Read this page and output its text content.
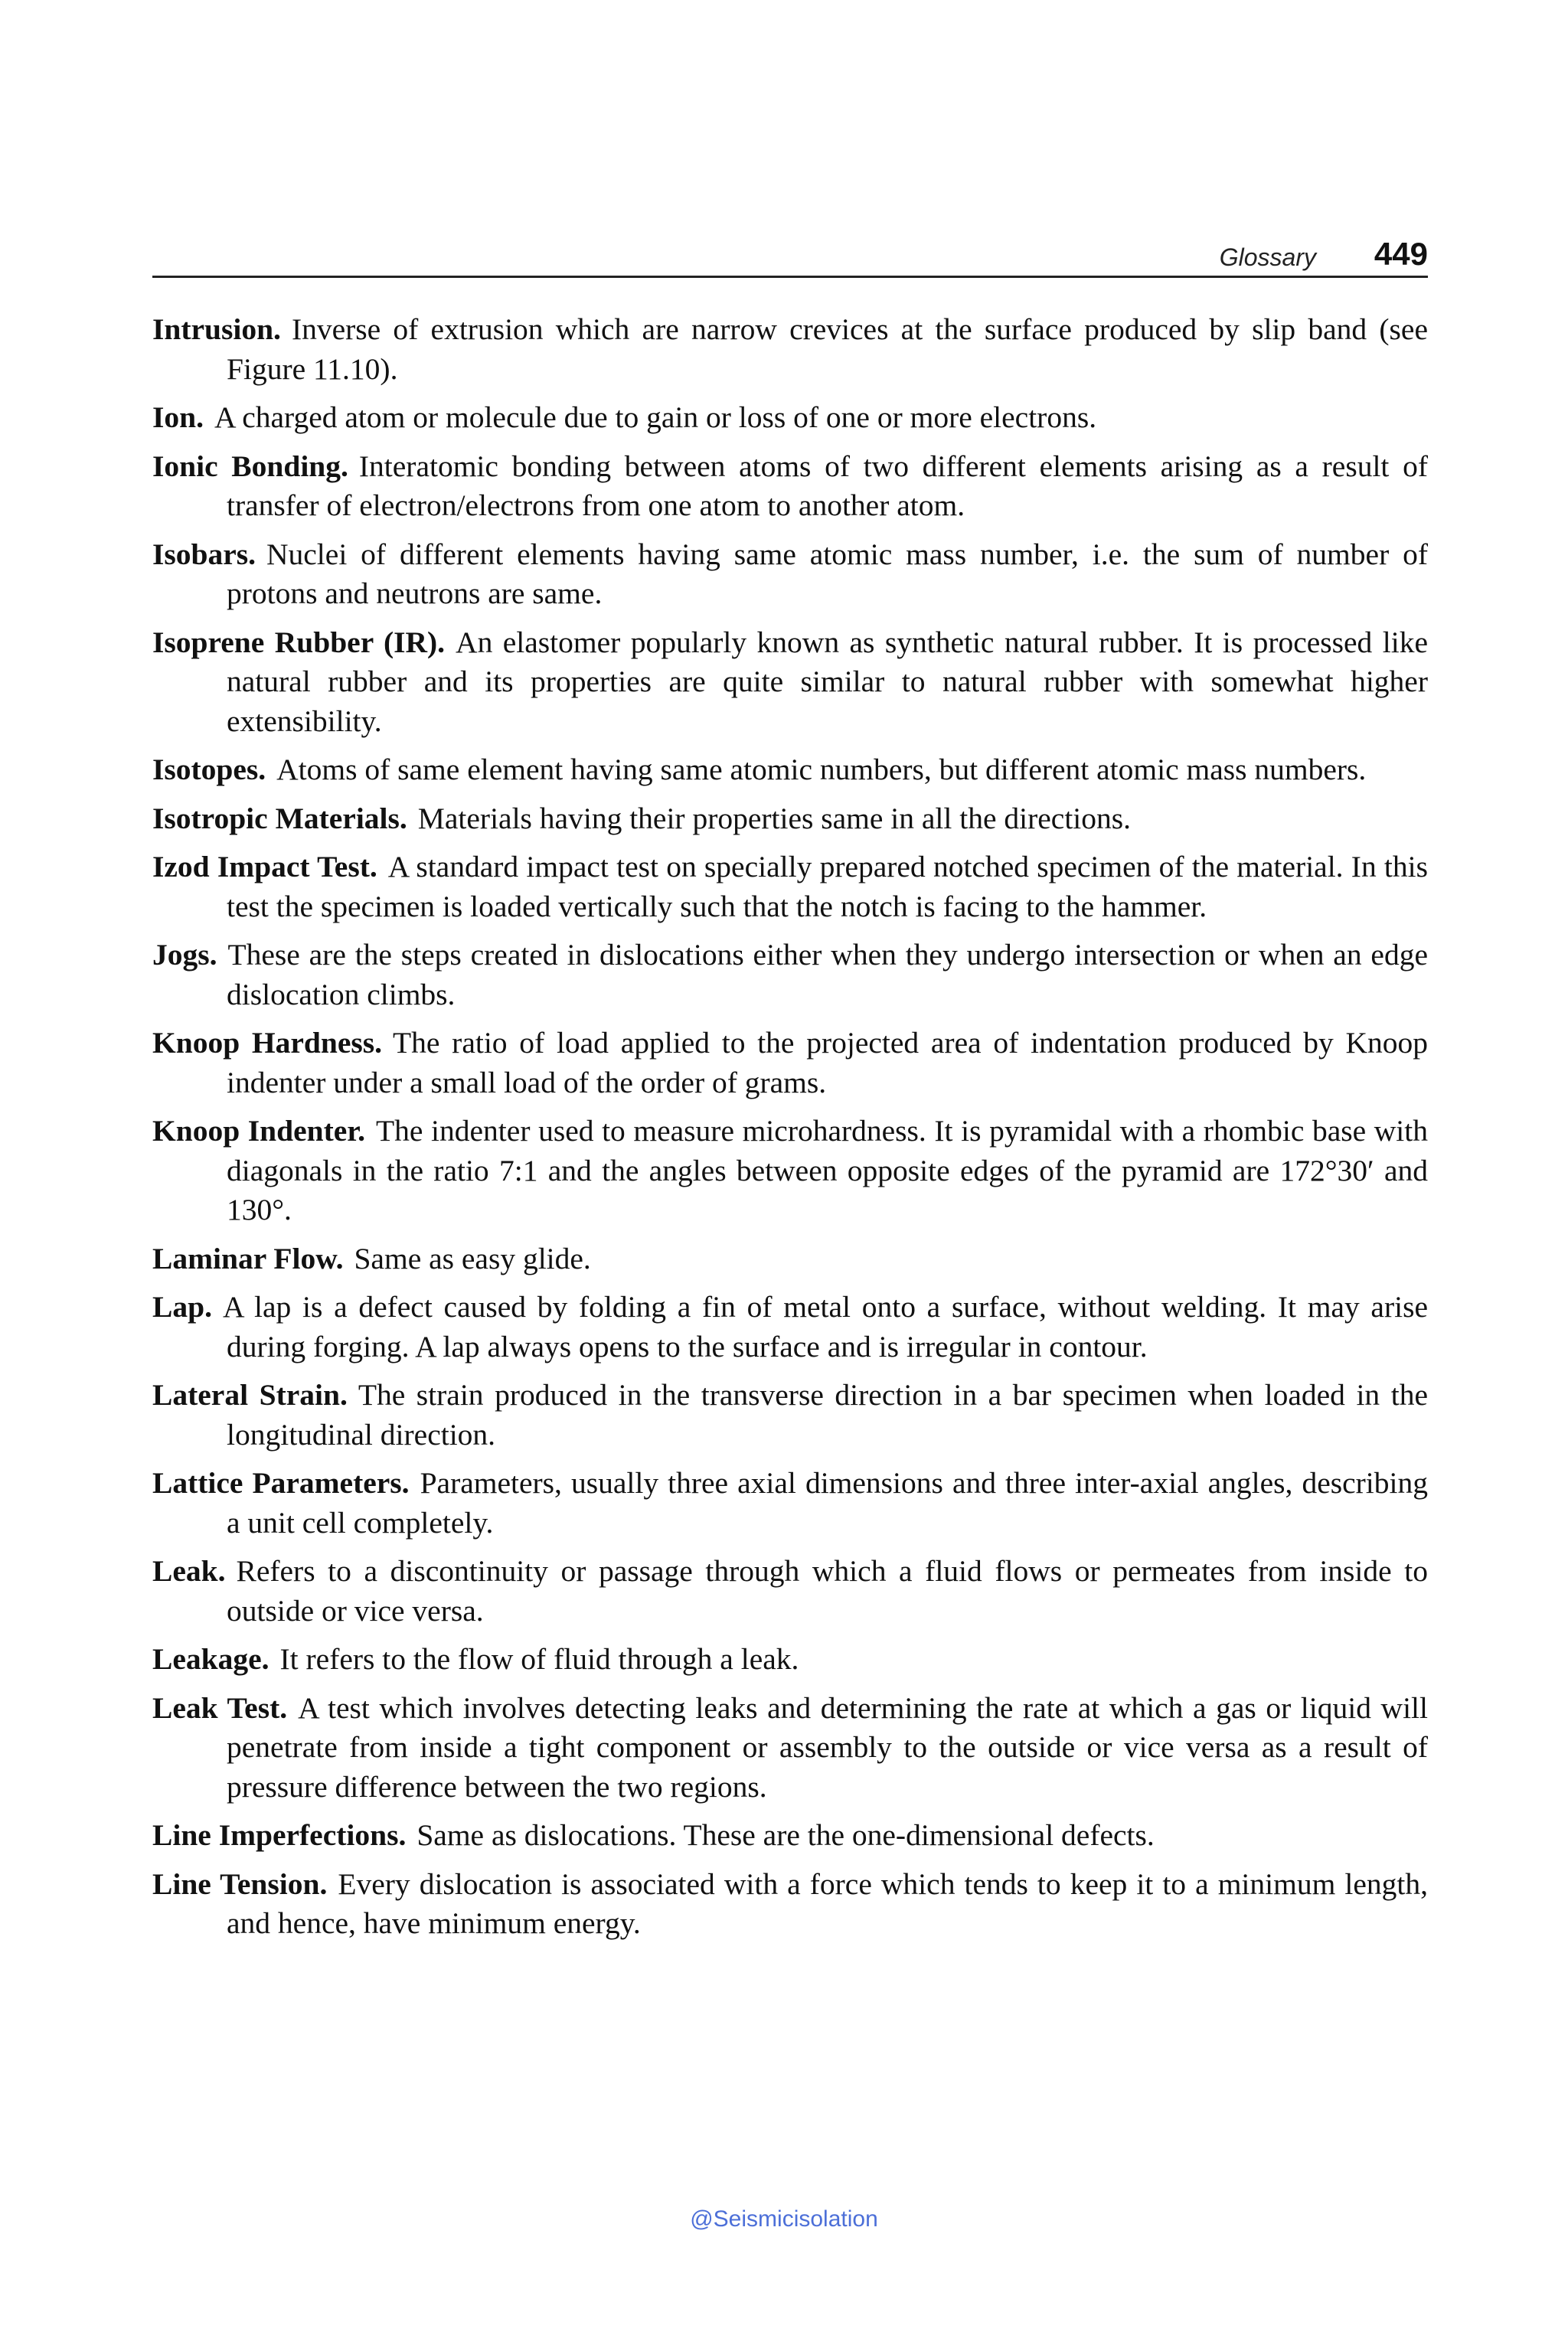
Glossary 449

Intrusion. Inverse of extrusion which are narrow crevices at the surface produced by slip band (see Figure 11.10).

Ion. A charged atom or molecule due to gain or loss of one or more electrons.

Ionic Bonding. Interatomic bonding between atoms of two different elements arising as a result of transfer of electron/electrons from one atom to another atom.

Isobars. Nuclei of different elements having same atomic mass number, i.e. the sum of number of protons and neutrons are same.

Isoprene Rubber (IR). An elastomer popularly known as synthetic natural rubber. It is processed like natural rubber and its properties are quite similar to natural rubber with somewhat higher extensibility.

Isotopes. Atoms of same element having same atomic numbers, but different atomic mass numbers.

Isotropic Materials. Materials having their properties same in all the directions.

Izod Impact Test. A standard impact test on specially prepared notched specimen of the material. In this test the specimen is loaded vertically such that the notch is facing to the hammer.

Jogs. These are the steps created in dislocations either when they undergo intersection or when an edge dislocation climbs.

Knoop Hardness. The ratio of load applied to the projected area of indentation produced by Knoop indenter under a small load of the order of grams.

Knoop Indenter. The indenter used to measure microhardness. It is pyramidal with a rhombic base with diagonals in the ratio 7:1 and the angles between opposite edges of the pyramid are 172°30′ and 130°.

Laminar Flow. Same as easy glide.

Lap. A lap is a defect caused by folding a fin of metal onto a surface, without welding. It may arise during forging. A lap always opens to the surface and is irregular in contour.

Lateral Strain. The strain produced in the transverse direction in a bar specimen when loaded in the longitudinal direction.

Lattice Parameters. Parameters, usually three axial dimensions and three inter-axial angles, describing a unit cell completely.

Leak. Refers to a discontinuity or passage through which a fluid flows or permeates from inside to outside or vice versa.

Leakage. It refers to the flow of fluid through a leak.

Leak Test. A test which involves detecting leaks and determining the rate at which a gas or liquid will penetrate from inside a tight component or assembly to the outside or vice versa as a result of pressure difference between the two regions.

Line Imperfections. Same as dislocations. These are the one-dimensional defects.

Line Tension. Every dislocation is associated with a force which tends to keep it to a minimum length, and hence, have minimum energy.

@Seismicisolation
